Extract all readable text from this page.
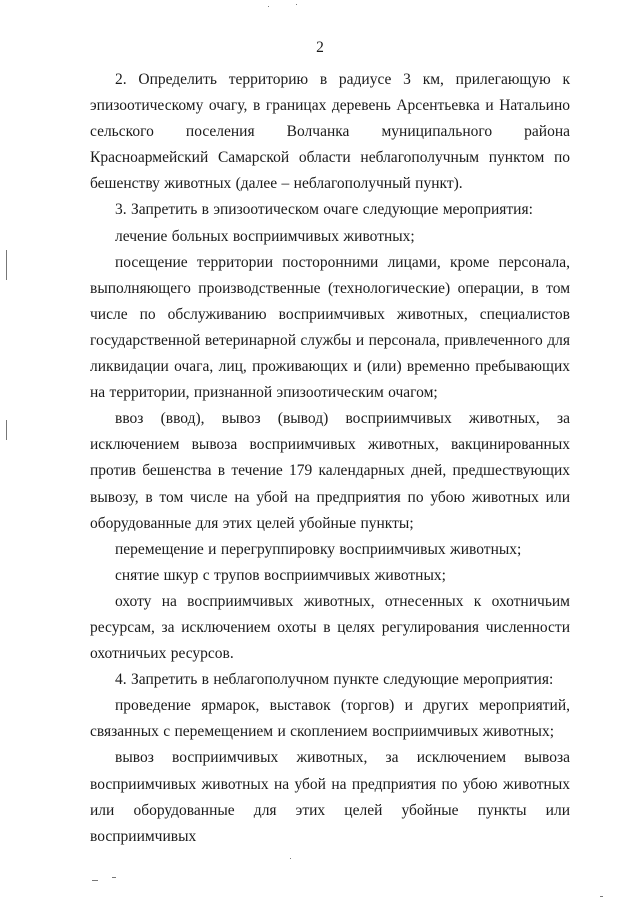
2

2. Определить территорию в радиусе 3 км, прилегающую к эпизоотическому очагу, в границах деревень Арсентьевка и Натальино сельского поселения Волчанка муниципального района Красноармейский Самарской области неблагополучным пунктом по бешенству животных (далее – неблагополучный пункт).

3. Запретить в эпизоотическом очаге следующие мероприятия:

лечение больных восприимчивых животных;

посещение территории посторонними лицами, кроме персонала, выполняющего производственные (технологические) операции, в том числе по обслуживанию восприимчивых животных, специалистов государственной ветеринарной службы и персонала, привлеченного для ликвидации очага, лиц, проживающих и (или) временно пребывающих на территории, признанной эпизоотическим очагом;

ввоз (ввод), вывоз (вывод) восприимчивых животных, за исключением вывоза восприимчивых животных, вакцинированных против бешенства в течение 179 календарных дней, предшествующих вывозу, в том числе на убой на предприятия по убою животных или оборудованные для этих целей убойные пункты;

перемещение и перегруппировку восприимчивых животных;

снятие шкур с трупов восприимчивых животных;

охоту на восприимчивых животных, отнесенных к охотничьим ресурсам, за исключением охоты в целях регулирования численности охотничьих ресурсов.

4. Запретить в неблагополучном пункте следующие мероприятия:

проведение ярмарок, выставок (торгов) и других мероприятий, связанных с перемещением и скоплением восприимчивых животных;

вывоз восприимчивых животных, за исключением вывоза восприимчивых животных на убой на предприятия по убою животных или оборудованные для этих целей убойные пункты или восприимчивых
